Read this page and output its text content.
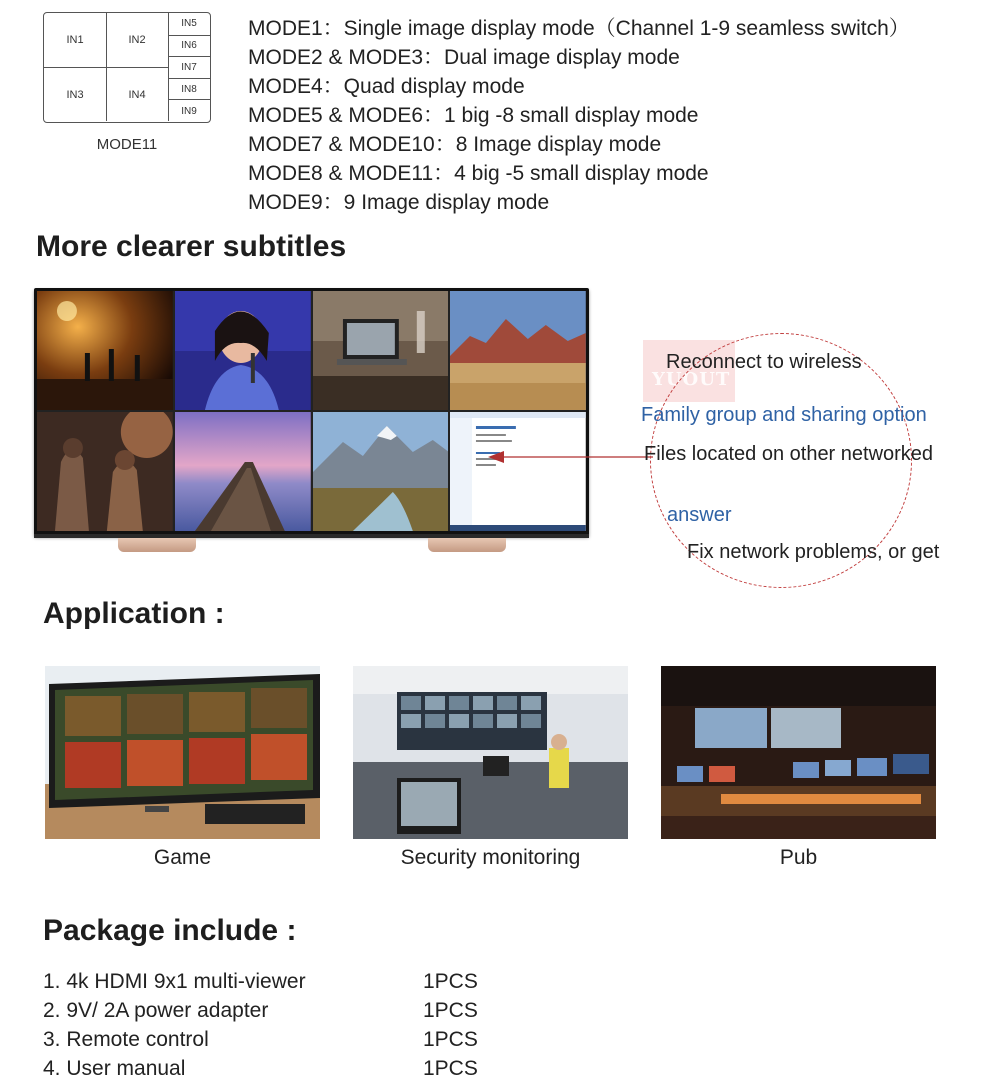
IN1	IN2
IN3	IN4
IN5
IN6
IN7
IN8
IN9
MODE11
MODE1：Single image display mode（Channel 1-9 seamless switch）
MODE2 & MODE3：Dual image display mode
MODE4：Quad display mode
MODE5 & MODE6：1 big -8 small display mode
MODE7 & MODE10：8 Image display mode
MODE8 & MODE11：4 big -5 small display mode
MODE9：9 Image display mode
More clearer subtitles
YUOUT
Reconnect to wireless
Family group and sharing option
Files located on other networked
answer
Fix network problems, or get
Application :
Game	Security monitoring	Pub
Package include :
1. 4k HDMI 9x1 multi-viewer	1PCS
2. 9V/ 2A power adapter	1PCS
3. Remote control	1PCS
4. User manual	1PCS
